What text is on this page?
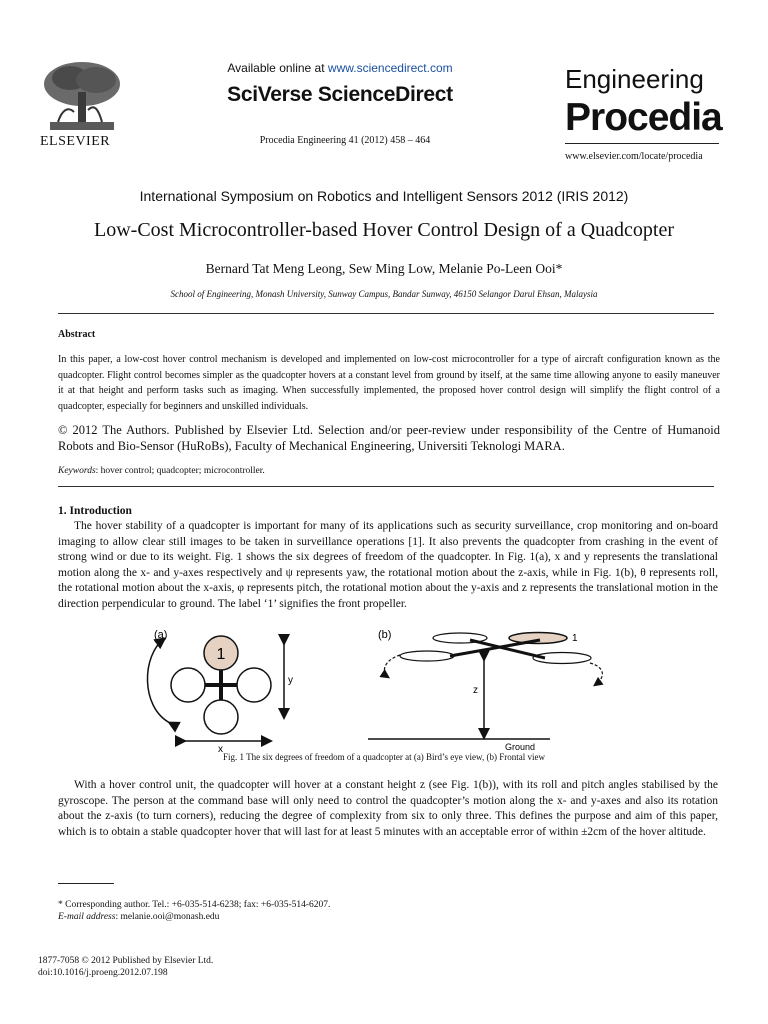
ELSEVIER
Available online at www.sciencedirect.com
SciVerse ScienceDirect
Procedia Engineering 41 (2012) 458 – 464
Engineering
Procedia
www.elsevier.com/locate/procedia
International Symposium on Robotics and Intelligent Sensors 2012 (IRIS 2012)
Low-Cost Microcontroller-based Hover Control Design of a Quadcopter
Bernard Tat Meng Leong, Sew Ming Low, Melanie Po-Leen Ooi*
School of Engineering, Monash University, Sunway Campus, Bandar Sunway, 46150 Selangor Darul Ehsan, Malaysia
Abstract
In this paper, a low-cost hover control mechanism is developed and implemented on low-cost microcontroller for a type of aircraft configuration known as the quadcopter. Flight control becomes simpler as the quadcopter hovers at a constant level from ground by itself, at the same time allowing anyone to easily maneuver it at that height and perform tasks such as imaging. When successfully implemented, the proposed hover control design will simplify the flight control of a quadcopter, especially for beginners and unskilled individuals.
© 2012 The Authors. Published by Elsevier Ltd. Selection and/or peer-review under responsibility of the Centre of Humanoid Robots and Bio-Sensor (HuRoBs), Faculty of Mechanical Engineering, Universiti Teknologi MARA.
Keywords: hover control; quadcopter; microcontroller.
1. Introduction

The hover stability of a quadcopter is important for many of its applications such as security surveillance, crop monitoring and on-board imaging to allow clear still images to be taken in surveillance operations [1]. It also prevents the quadcopter from crashing in the event of strong wind or due to its weight. Fig. 1 shows the six degrees of freedom of the quadcopter. In Fig. 1(a), x and y represents the translational motion along the x- and y-axes respectively and ψ represents yaw, the rotational motion about the z-axis, while in Fig. 1(b), θ represents roll, the rotational motion about the x-axis, φ represents pitch, the rotational motion about the y-axis and z represents the translational motion in the direction perpendicular to ground. The label ‘1’ signifies the front propeller.

(a)
1
y
x
(b)	1
z
Ground
Fig. 1 The six degrees of freedom of a quadcopter at (a) Bird’s eye view, (b) Frontal view

With a hover control unit, the quadcopter will hover at a constant height z (see Fig. 1(b)), with its roll and pitch angles stabilised by the gyroscope. The person at the command base will only need to control the quadcopter’s motion along the x- and y-axes and also its rotation about the z-axis (to turn corners), reducing the degree of complexity from six to only three. This defines the purpose and aim of this paper, which is to obtain a stable quadcopter hover that will last for at least 5 minutes with an acceptable error of within ±2cm of the hover altitude.

* Corresponding author. Tel.: +6-035-514-6238; fax: +6-035-514-6207.
E-mail address: melanie.ooi@monash.edu
1877-7058 © 2012 Published by Elsevier Ltd.
doi:10.1016/j.proeng.2012.07.198
